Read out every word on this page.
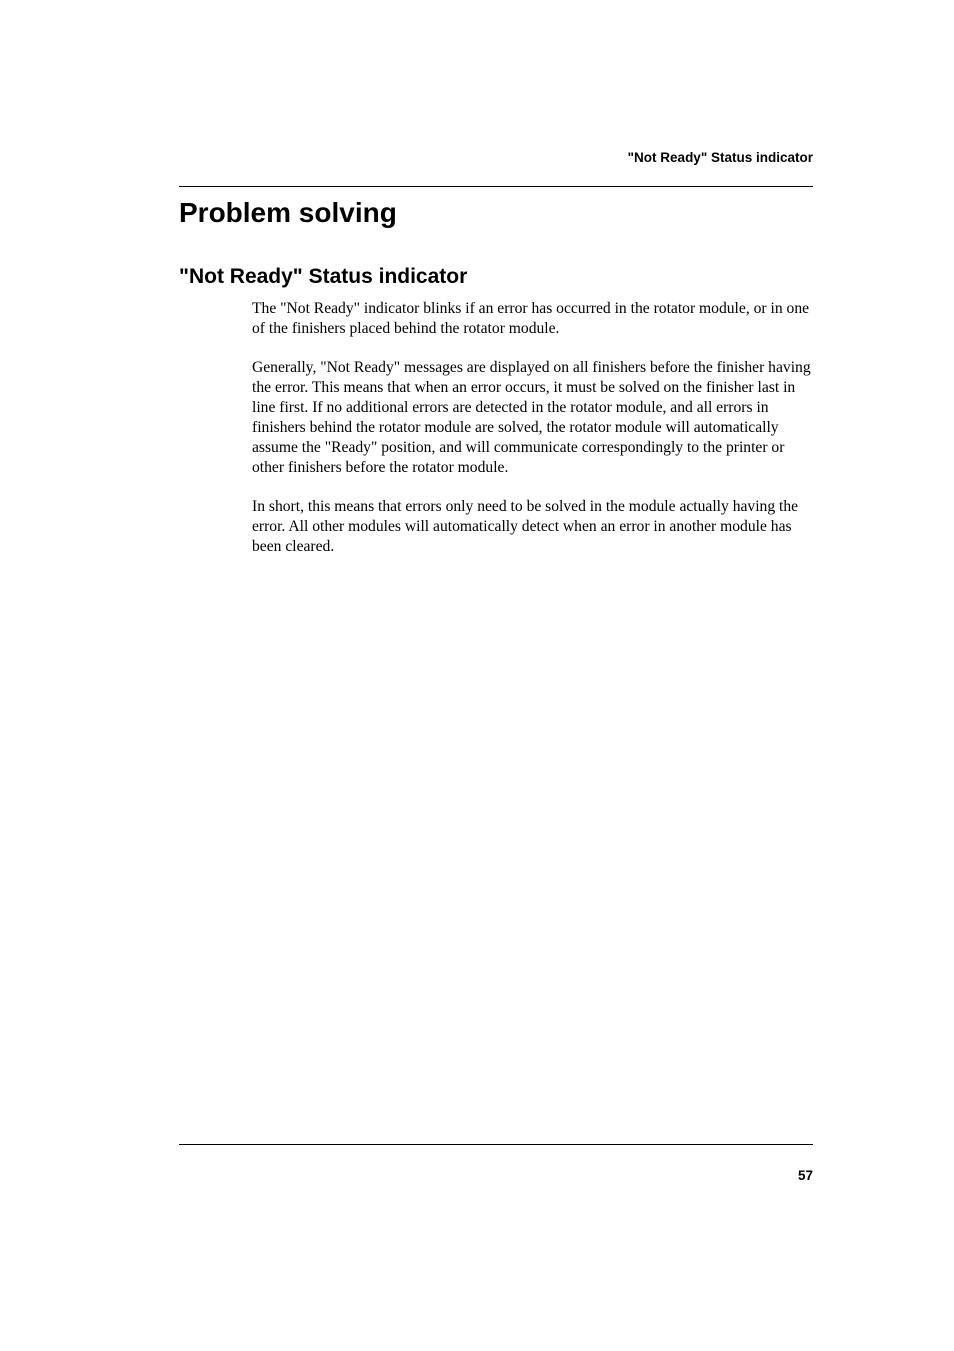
"Not Ready" Status indicator
Problem solving
"Not Ready" Status indicator

The "Not Ready" indicator blinks if an error has occurred in the rotator module, or in one of the finishers placed behind the rotator module.

Generally, "Not Ready" messages are displayed on all finishers before the finisher having the error. This means that when an error occurs, it must be solved on the finisher last in line first. If no additional errors are detected in the rotator module, and all errors in finishers behind the rotator module are solved, the rotator module will automatically assume the "Ready" position, and will communicate correspondingly to the printer or other finishers before the rotator module.

In short, this means that errors only need to be solved in the module actually having the error. All other modules will automatically detect when an error in another module has been cleared.

57
